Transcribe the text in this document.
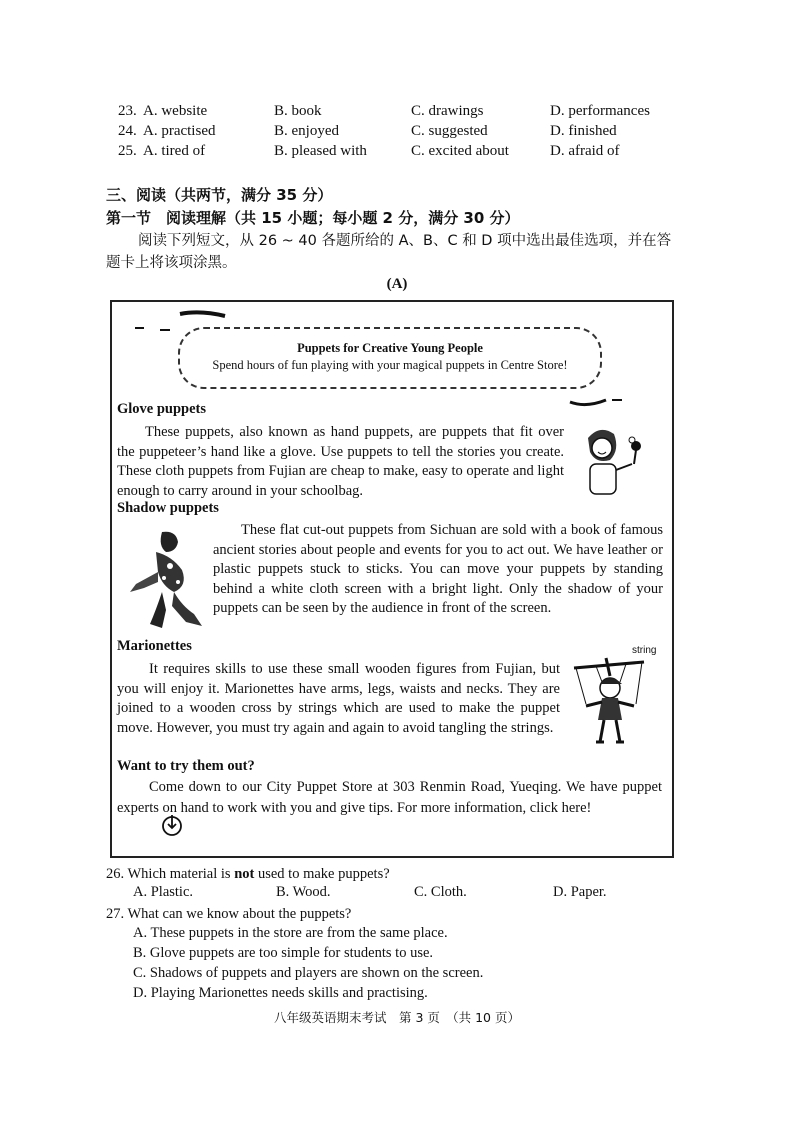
23. A. website	B. book	C. drawings	D. performances
24. A. practised	B. enjoyed	C. suggested	D. finished
25. A. tired of	B. pleased with	C. excited about	D. afraid of
三、阅读（共两节，满分 35 分）
第一节　阅读理解（共 15 小题；每小题 2 分，满分 30 分）
阅读下列短文，从 26 ~ 40 各题所给的 A、B、C 和 D 项中选出最佳选项，并在答题卡上将该项涂黑。
(A)
Puppets for Creative Young People
Spend hours of fun playing with your magical puppets in Centre Store!
Glove puppets
These puppets, also known as hand puppets, are puppets that fit over the puppeteer’s hand like a glove. Use puppets to tell the stories you create. These cloth puppets from Fujian are cheap to make, easy to operate and light enough to carry around in your schoolbag.
Shadow puppets
These flat cut-out puppets from Sichuan are sold with a book of famous ancient stories about people and events for you to act out. We have leather or plastic puppets stuck to sticks. You can move your puppets by standing behind a white cloth screen with a bright light. Only the shadow of your puppets can be seen by the audience in front of the screen.
Marionettes
It requires skills to use these small wooden figures from Fujian, but you will enjoy it. Marionettes have arms, legs, waists and necks. They are joined to a wooden cross by strings which are used to make the puppet move. However, you must try again and again to avoid tangling the strings.
string
Want to try them out?
Come down to our City Puppet Store at 303 Renmin Road, Yueqing. We have puppet experts on hand to work with you and give tips. For more information, click here!
26. Which material is not used to make puppets?
A. Plastic.	B. Wood.	C. Cloth.	D. Paper.
27. What can we know about the puppets?
A. These puppets in the store are from the same place.
B. Glove puppets are too simple for students to use.
C. Shadows of puppets and players are shown on the screen.
D. Playing Marionettes needs skills and practising.
八年级英语期末考试　第 3 页　（共 10 页）
